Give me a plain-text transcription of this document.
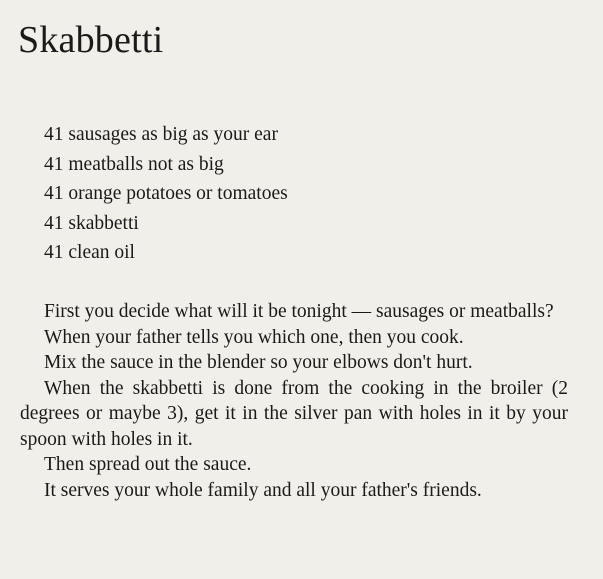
Skabbetti
41 sausages as big as your ear
41 meatballs not as big
41 orange potatoes or tomatoes
41 skabbetti
41 clean oil

First you decide what will it be tonight — sausages or meatballs?

When your father tells you which one, then you cook.

Mix the sauce in the blender so your elbows don't hurt.

When the skabbetti is done from the cooking in the broiler (2 degrees or maybe 3), get it in the silver pan with holes in it by your spoon with holes in it.

Then spread out the sauce.

It serves your whole family and all your father's friends.
